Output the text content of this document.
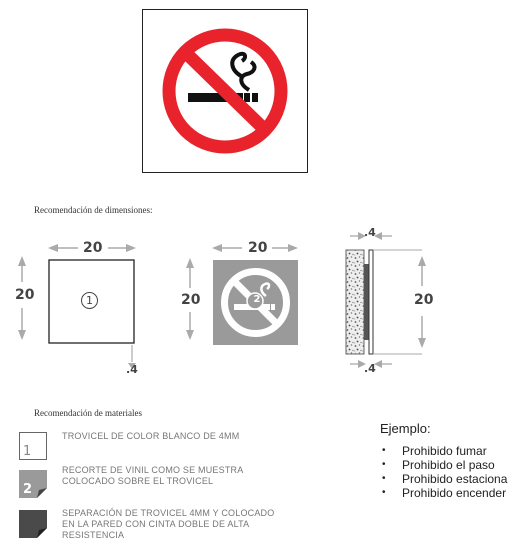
Recomendación de dimensiones:
20
20	1
.4
20
20	2
.4
20
.4
Recomendación de materiales
1
TROVICEL DE COLOR BLANCO DE 4MM
2
RECORTE DE VINIL COMO SE MUESTRA COLOCADO SOBRE EL TROVICEL
SEPARACIÓN DE TROVICEL 4MM Y COLOCADO EN LA PARED CON CINTA DOBLE DE ALTA RESISTENCIA
Ejemplo:
• Prohibido fumar
• Prohibido el paso
• Prohibido estaciona
• Prohibido encender
